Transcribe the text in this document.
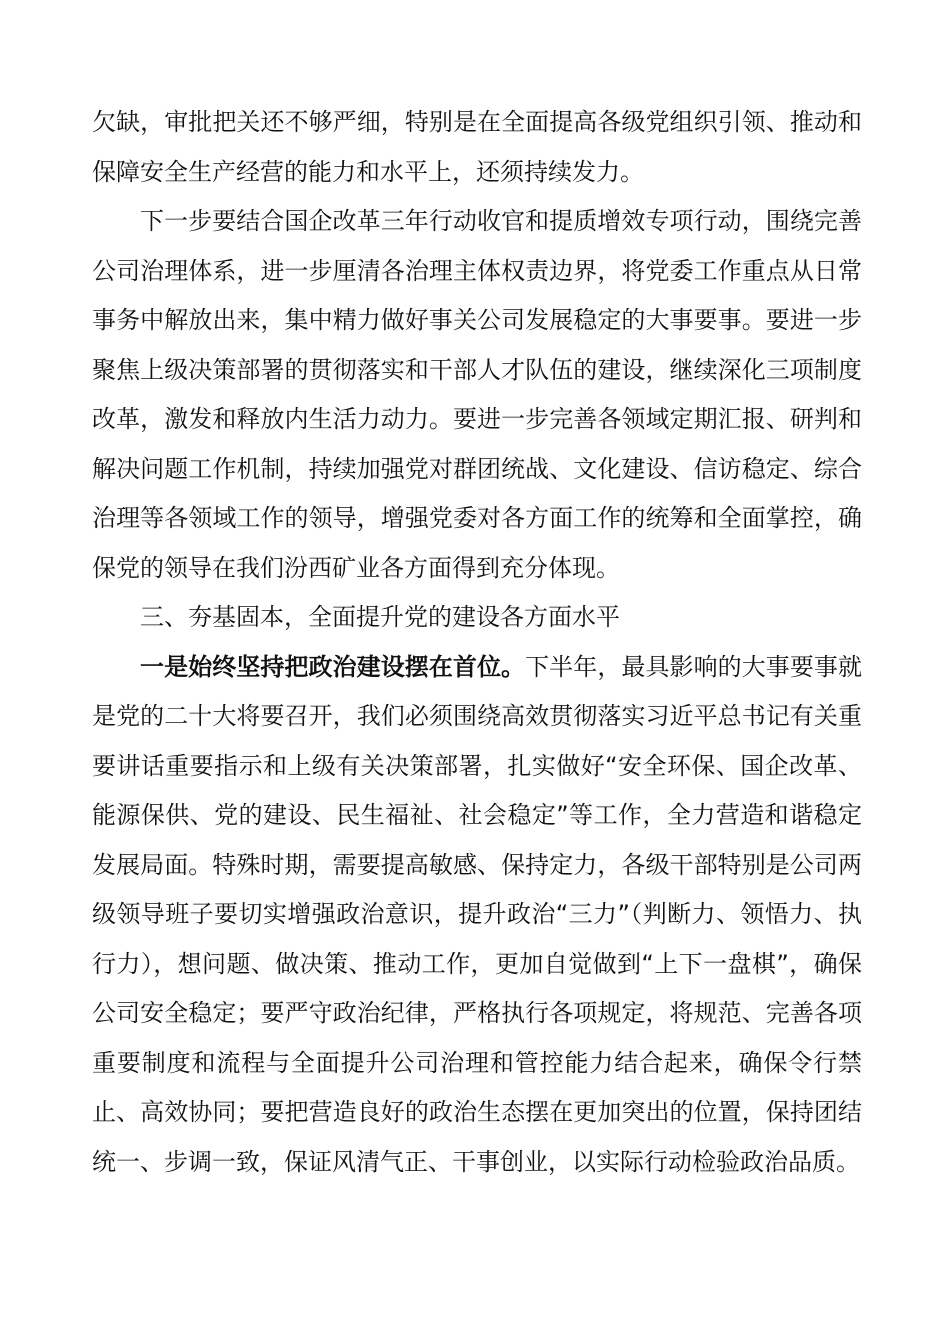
欠缺，审批把关还不够严细，特别是在全面提高各级党组织引领、推动和保障安全生产经营的能力和水平上，还须持续发力。

下一步要结合国企改革三年行动收官和提质增效专项行动，围绕完善公司治理体系，进一步厘清各治理主体权责边界，将党委工作重点从日常事务中解放出来，集中精力做好事关公司发展稳定的大事要事。要进一步聚焦上级决策部署的贯彻落实和干部人才队伍的建设，继续深化三项制度改革，激发和释放内生活力动力。要进一步完善各领域定期汇报、研判和解决问题工作机制，持续加强党对群团统战、文化建设、信访稳定、综合治理等各领域工作的领导，增强党委对各方面工作的统筹和全面掌控，确保党的领导在我们汾西矿业各方面得到充分体现。

三、夯基固本，全面提升党的建设各方面水平

一是始终坚持把政治建设摆在首位。下半年，最具影响的大事要事就是党的二十大将要召开，我们必须围绕高效贯彻落实习近平总书记有关重要讲话重要指示和上级有关决策部署，扎实做好“安全环保、国企改革、能源保供、党的建设、民生福祉、社会稳定”等工作，全力营造和谐稳定发展局面。特殊时期，需要提高敏感、保持定力，各级干部特别是公司两级领导班子要切实增强政治意识，提升政治“三力”（判断力、领悟力、执行力），想问题、做决策、推动工作，更加自觉做到“上下一盘棋”，确保公司安全稳定；要严守政治纪律，严格执行各项规定，将规范、完善各项重要制度和流程与全面提升公司治理和管控能力结合起来，确保令行禁止、高效协同；要把营造良好的政治生态摆在更加突出的位置，保持团结统一、步调一致，保证风清气正、干事创业，以实际行动检验政治品质。
